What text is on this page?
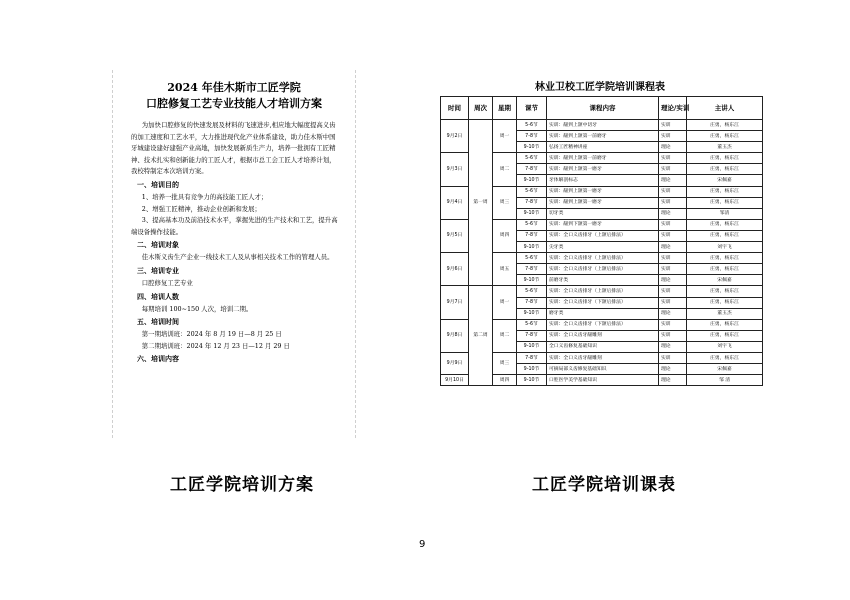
2024 年佳木斯市工匠学院
口腔修复工艺专业技能人才培训方案

为加快口腔修复的快速发展及材料的飞速进步,相应地大幅度提高义齿

的加工速度和工艺水平，大力推进现代化产业体系建设，助力佳木斯中国

牙城建设建好建强产业高地，加快发展新质生产力，培养一批拥有工匠精

神、技术扎实和创新能力的工匠人才，根据市总工会工匠人才培养计划，

我校特制定本次培训方案。

一、培训目的

1、培养一批具有竞争力的高技能工匠人才；

2、增强工匠精神，推动企业创新和发展；

3、提高基本功及前沿技术水平，掌握先进的生产技术和工艺，提升高

端设备操作技能。

二、培训对象

佳木斯义齿生产企业一线技术工人及从事相关技术工作的管理人员。

三、培训专业

口腔修复工艺专业

四、培训人数

每期培训 100~150 人次，培训二期。

五、培训时间

第一期培训班：2024 年 8 月 19 日—8 月 25 日

第二期培训班：2024 年 12 月 23 日—12 月 29 日

六、培训内容
工匠学院培训方案
林业卫校工匠学院培训课程表
时间	周次	星期	课节	课程内容	理论/实训	主讲人
9月2日	第一周	周一	5-6节	实训：龈到上颌中切牙	实训	庄勇，杨东江
			7-8节	实训：龈到上颌第一前磨牙	实训	庄勇，杨东江
			9-10节	弘扬工匠精神讲座	理论	董玉杰
9月3日		周二	5-6节	实训：龈到上颌第一前磨牙	实训	庄勇，杨东江
			7-8节	实训：龈到上颌第一磨牙	实训	庄勇，杨东江
			9-10节	牙体解剖标志	理论	宋佩嘉
9月4日		周三	5-6节	实训：龈到上颌第一磨牙	实训	庄勇，杨东江
			7-8节	实训：龈到上颌第一磨牙	实训	庄勇，杨东江
			9-10节	切牙类	理论	邹清
9月5日		周四	5-6节	实训：龈到下颌第一磨牙	实训	庄勇，杨东江
			7-8节	实训：全口义齿排牙（上颌后排法）	实训	庄勇，杨东江
			9-10节	尖牙类	理论	刘宇飞
9月6日		周五	5-6节	实训：全口义齿排牙（上颌后排法）	实训	庄勇，杨东江
			7-8节	实训：全口义齿排牙（上颌后排法）	实训	庄勇，杨东江
			9-10节	前磨牙类	理论	宋佩嘉
9月7日	第二周	周一	5-6节	实训：全口义齿排牙（上颌后排法）	实训	庄勇，杨东江
			7-8节	实训：全口义齿排牙（下颌后排法）	实训	庄勇，杨东江
			9-10节	磨牙类	理论	董玉杰
9月8日		周二	5-6节	实训：全口义齿排牙（下颌后排法）	实训	庄勇，杨东江
			7-8节	实训：全口义齿牙龈雕刻	实训	庄勇，杨东江
			9-10节	全口义齿修复基础知识	理论	刘宇飞
9月9日		周三	7-8节	实训：全口义齿牙龈雕刻	实训	庄勇，杨东江
			9-10节	可摘局部义齿修复基础知识	理论	宋佩嘉
9月10日		周四	9-10节	口腔医学美学基础知识	理论	邹 清
工匠学院培训课表
9
